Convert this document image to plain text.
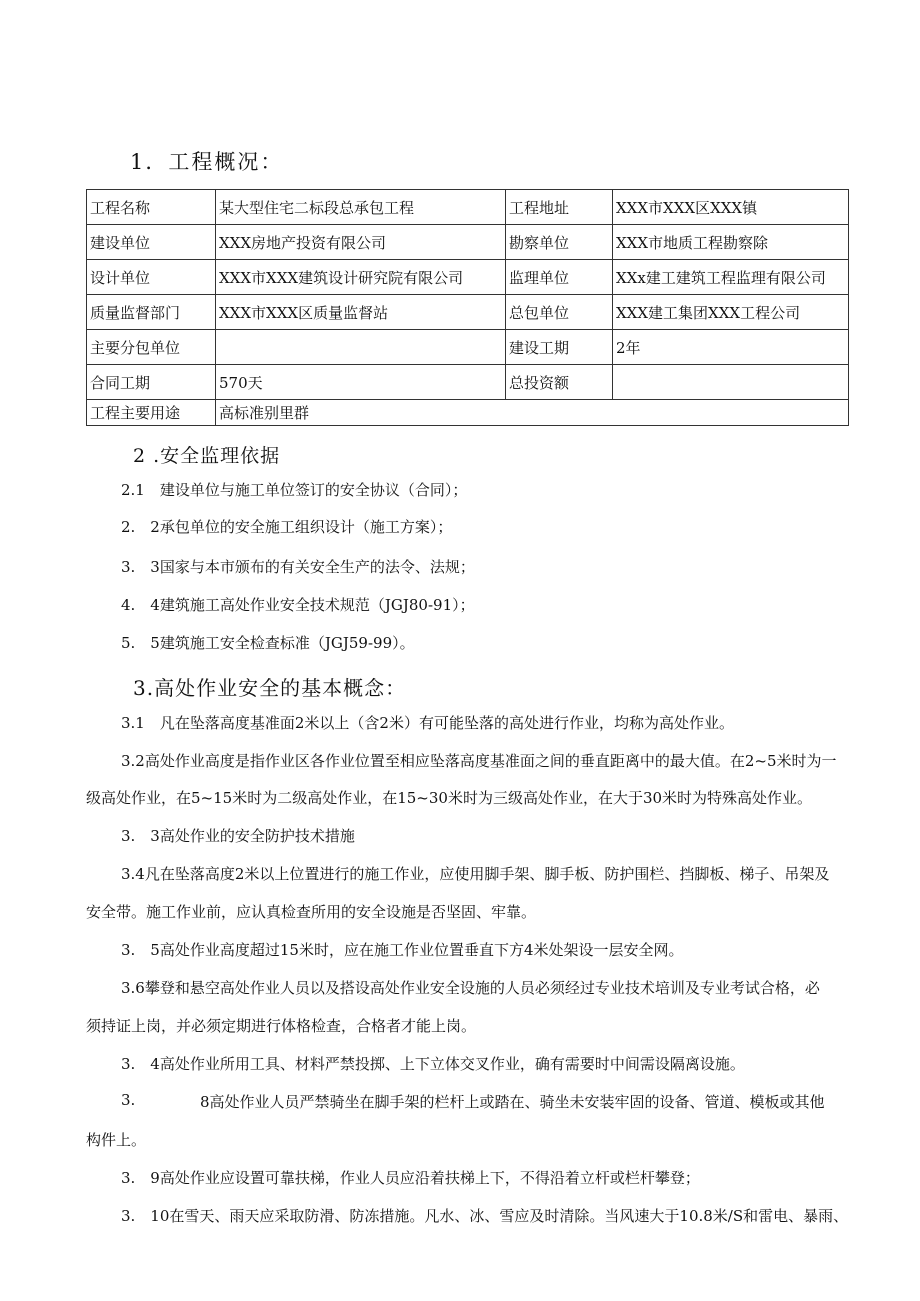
1．工程概况：
工程名称	某大型住宅二标段总承包工程	工程地址	XXX市XXX区XXX镇
建设单位	XXX房地产投资有限公司	勘察单位	XXX市地质工程勘察除
设计单位	XXX市XXX建筑设计研究院有限公司	监理单位	XXx建工建筑工程监理有限公司
质量监督部门	XXX市XXX区质量监督站	总包单位	XXX建工集团XXX工程公司
主要分包单位		建设工期	2年
合同工期	570天	总投资额	
工程主要用途	高标准别里群		
2 .安全监理依据
2.1　建设单位与施工单位签订的安全协议（合同）；
2.　2承包单位的安全施工组织设计（施工方案）；
3.　3国家与本市颁布的有关安全生产的法令、法规；
4.　4建筑施工高处作业安全技术规范（JGJ80-91）；
5.　5建筑施工安全检查标准（JGJ59-99）。
3.高处作业安全的基本概念：
3.1　凡在坠落高度基准面2米以上（含2米）有可能坠落的高处进行作业，均称为高处作业。
3.2高处作业高度是指作业区各作业位置至相应坠落高度基准面之间的垂直距离中的最大值。在2~5米时为一
级高处作业，在5~15米时为二级高处作业，在15~30米时为三级高处作业，在大于30米时为特殊高处作业。
3.　3高处作业的安全防护技术措施
3.4凡在坠落高度2米以上位置进行的施工作业，应使用脚手架、脚手板、防护围栏、挡脚板、梯子、吊架及
安全带。施工作业前，应认真检查所用的安全设施是否坚固、牢靠。
3.　5高处作业高度超过15米时，应在施工作业位置垂直下方4米处架设一层安全网。
3.6攀登和悬空高处作业人员以及搭设高处作业安全设施的人员必须经过专业技术培训及专业考试合格，必
须持证上岗，并必须定期进行体格检查，合格者才能上岗。
3.　4高处作业所用工具、材料严禁投掷、上下立体交叉作业，确有需要时中间需设隔离设施。
3.	8高处作业人员严禁骑坐在脚手架的栏杆上或踏在、骑坐未安装牢固的设备、管道、模板或其他
构件上。
3.　9高处作业应设置可靠扶梯，作业人员应沿着扶梯上下，不得沿着立杆或栏杆攀登；
3.　10在雪天、雨天应采取防滑、防冻措施。凡水、冰、雪应及时清除。当风速大于10.8米/S和雷电、暴雨、
